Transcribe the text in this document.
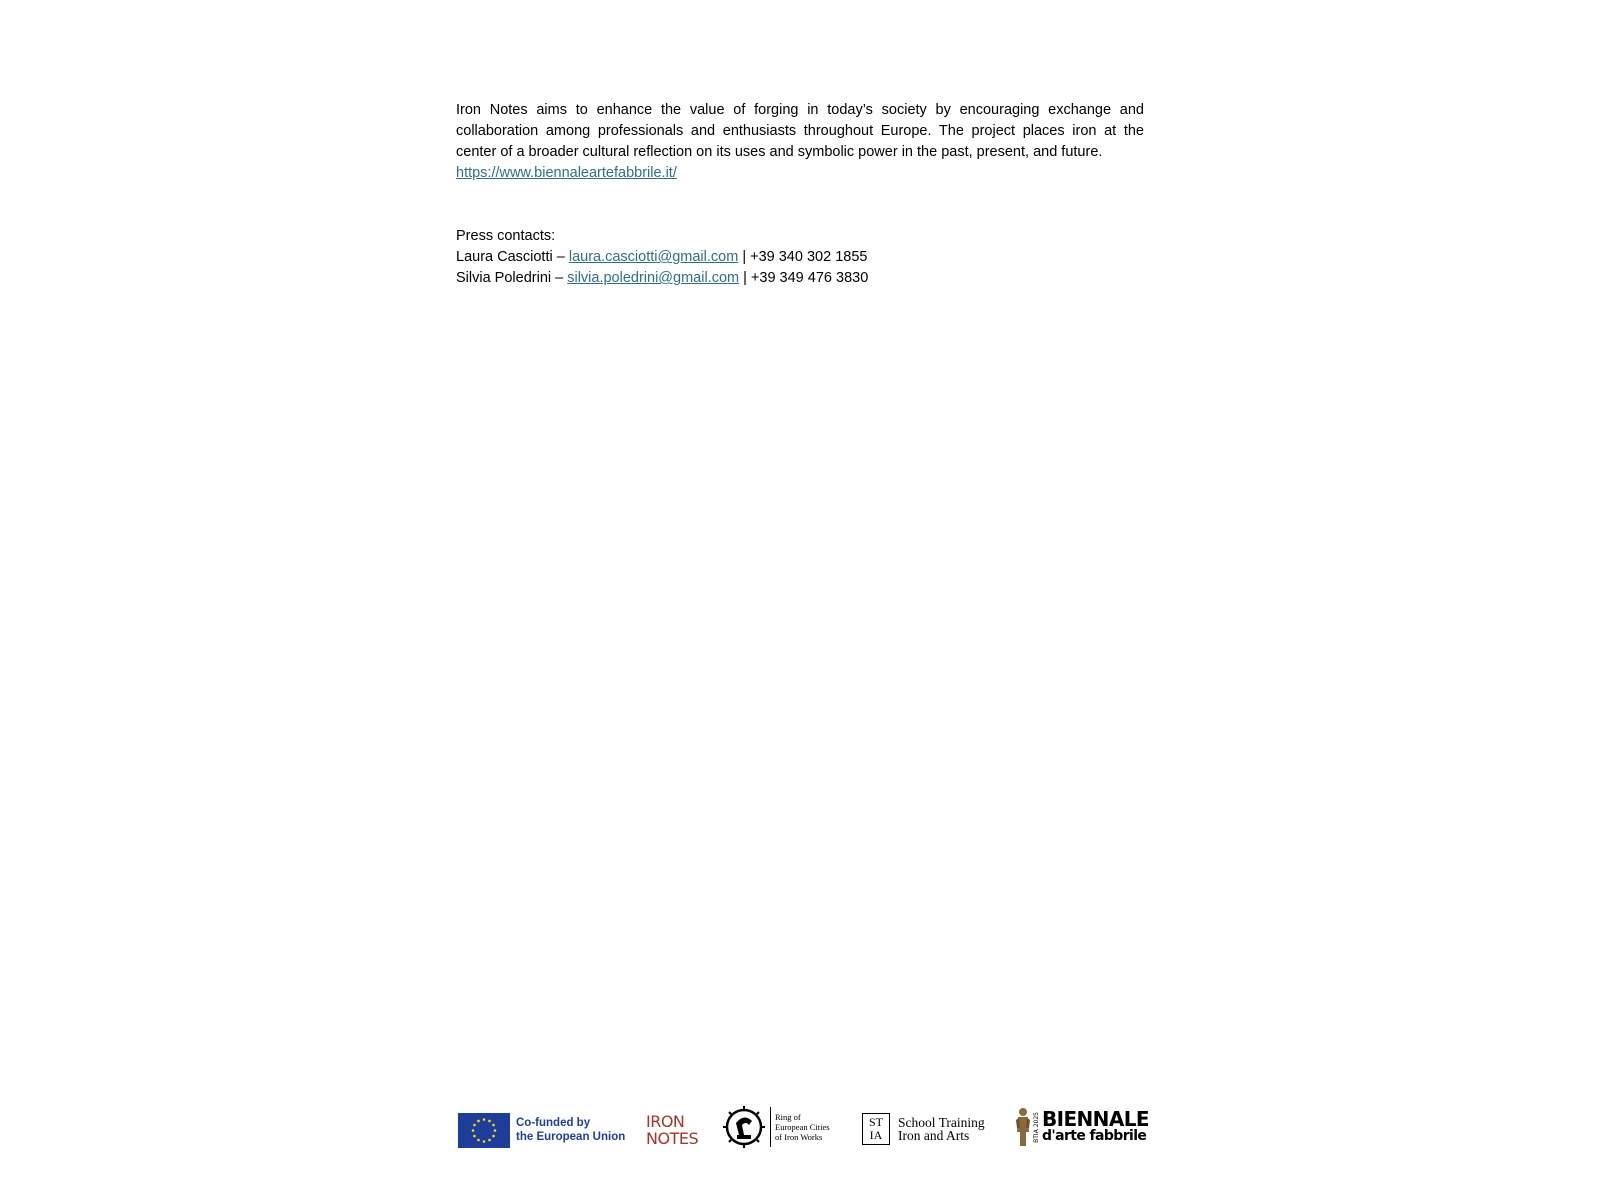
Iron Notes aims to enhance the value of forging in today’s society by encouraging exchange and collaboration among professionals and enthusiasts throughout Europe. The project places iron at the center of a broader cultural reflection on its uses and symbolic power in the past, present, and future.

https://www.biennaleartefabbrile.it/

Press contacts:

Laura Casciotti – laura.casciotti@gmail.com | +39 340 302 1855

Silvia Poledrini – silvia.poledrini@gmail.com | +39 349 476 3830

Co-funded by
the European Union
IRON
NOTES
Ring of
European Cities
of Iron Works
ST
IA
School Training
Iron and Arts	BTIA 2025 BIENNALE
d'arte fabbrile
